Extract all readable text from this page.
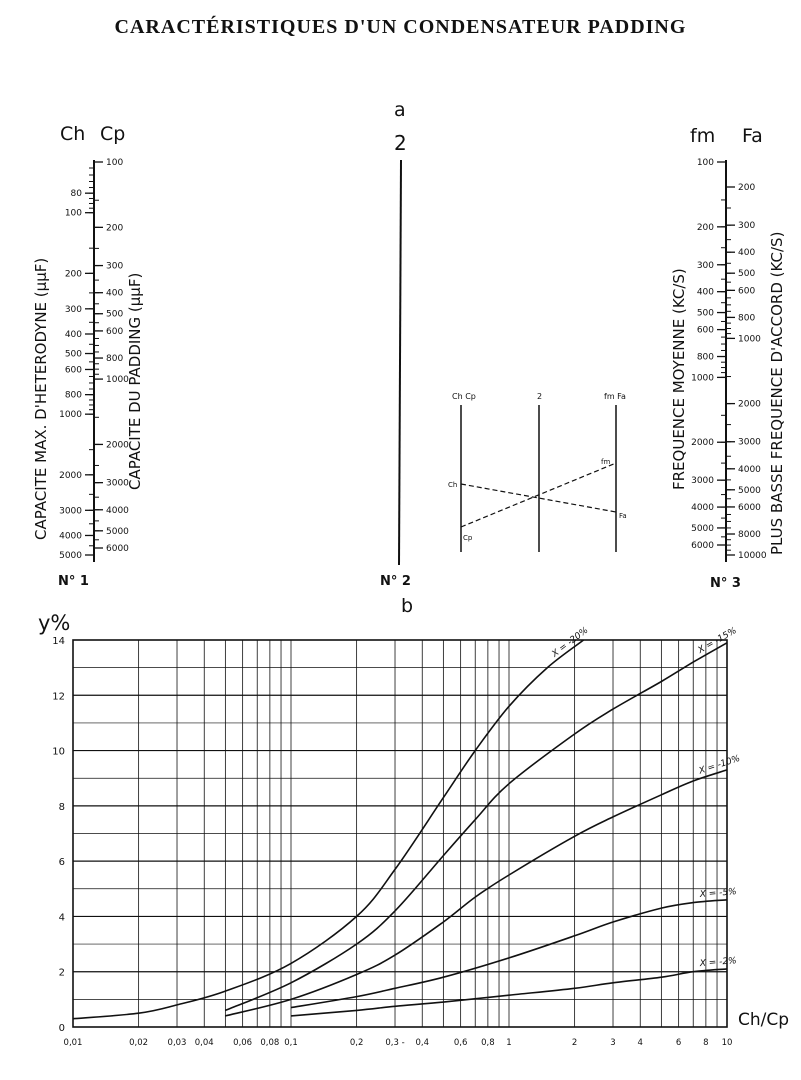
CARACTÉRISTIQUES D'UN CONDENSATEUR PADDING
Ch Cp
80
100
200
300
400
500
600
800
1000
2000
3000
4000
5000
100
200
300
400
500
600
800
1000
2000
3000
4000
5000
6000
CAPACITE MAX. D'HETERODYNE (µµF)	CAPACITE DU PADDING (µµF)
N° 1
a
2
N° 2
b
Ch Cp	2	fm Fa
Ch
Cp
fm
Fa
fm Fa
100
200
300
400
500
600
800
1000
2000
3000
4000
5000
6000
200
300
400
500
600
800
1000
2000
3000
4000
5000
6000
8000
10000
FREQUENCE MOYENNE (KC/S)	PLUS BASSE FREQUENCE D'ACCORD (KC/S)
N° 3
y%
Ch/Cp
0
2
4
6
8
10
12
14
0,01	0,02 0,03 0,04 0,06 0,08 0,1	0,2	0,3 - 0,4	0,6 0,8 1	2	3	4	6	8 10
X = -20%	X = -15%
X = -10%
X = -5%
X = -2%
